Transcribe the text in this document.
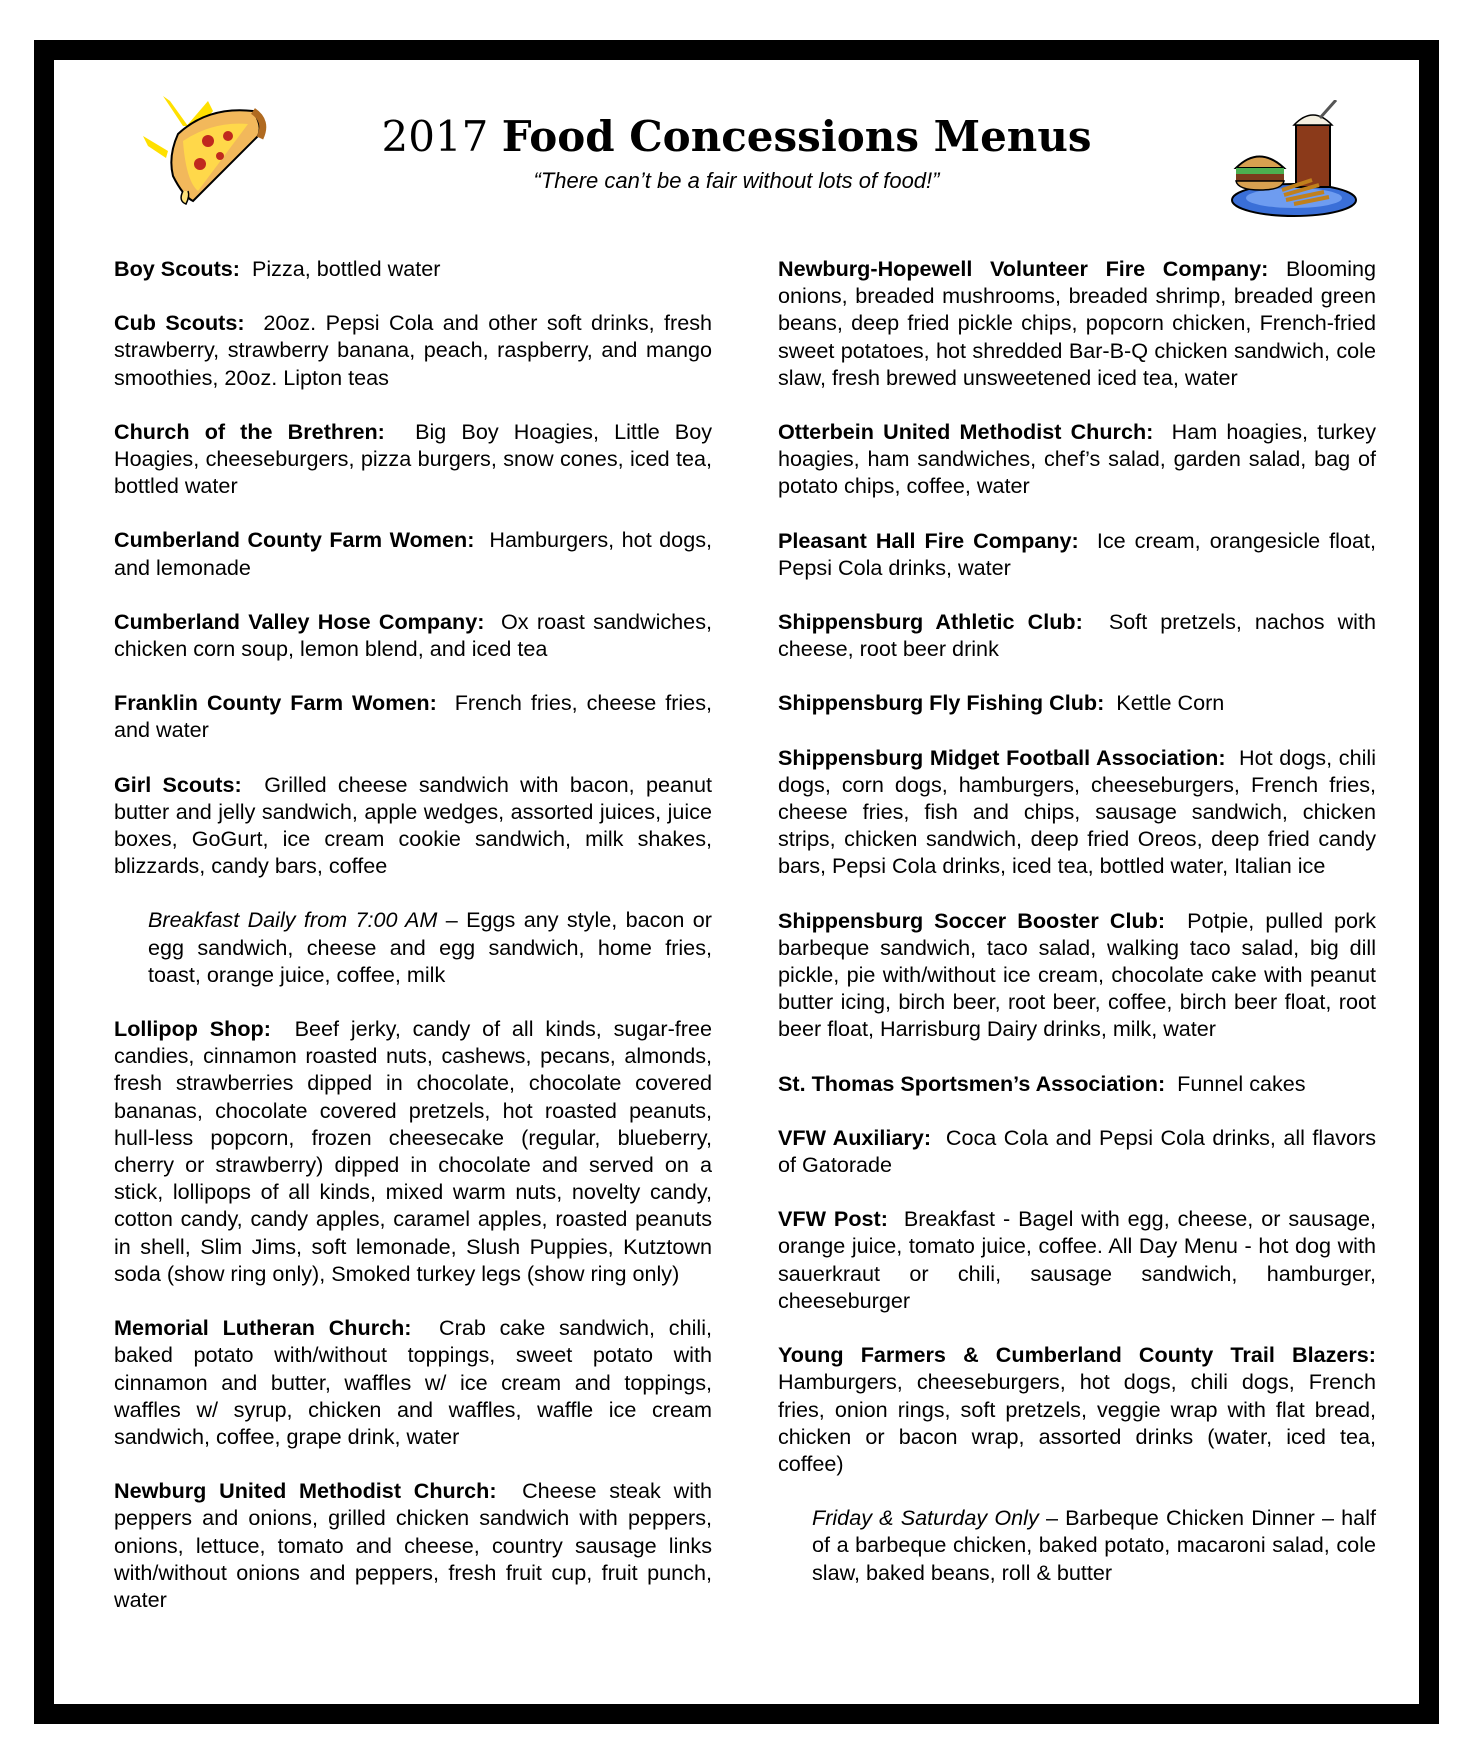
2017 Food Concessions Menus
“There can’t be a fair without lots of food!”

Boy Scouts: Pizza, bottled water

Cub Scouts: 20oz. Pepsi Cola and other soft drinks, fresh strawberry, strawberry banana, peach, raspberry, and mango smoothies, 20oz. Lipton teas

Church of the Brethren: Big Boy Hoagies, Little Boy Hoagies, cheeseburgers, pizza burgers, snow cones, iced tea, bottled water

Cumberland County Farm Women: Hamburgers, hot dogs, and lemonade

Cumberland Valley Hose Company: Ox roast sandwiches, chicken corn soup, lemon blend, and iced tea

Franklin County Farm Women: French fries, cheese fries, and water

Girl Scouts: Grilled cheese sandwich with bacon, peanut butter and jelly sandwich, apple wedges, assorted juices, juice boxes, GoGurt, ice cream cookie sandwich, milk shakes, blizzards, candy bars, coffee

Breakfast Daily from 7:00 AM – Eggs any style, bacon or egg sandwich, cheese and egg sandwich, home fries, toast, orange juice, coffee, milk

Lollipop Shop: Beef jerky, candy of all kinds, sugar-free candies, cinnamon roasted nuts, cashews, pecans, almonds, fresh strawberries dipped in chocolate, chocolate covered bananas, chocolate covered pretzels, hot roasted peanuts, hull-less popcorn, frozen cheesecake (regular, blueberry, cherry or strawberry) dipped in chocolate and served on a stick, lollipops of all kinds, mixed warm nuts, novelty candy, cotton candy, candy apples, caramel apples, roasted peanuts in shell, Slim Jims, soft lemonade, Slush Puppies, Kutztown soda (show ring only), Smoked turkey legs (show ring only)

Memorial Lutheran Church: Crab cake sandwich, chili, baked potato with/without toppings, sweet potato with cinnamon and butter, waffles w/ ice cream and toppings, waffles w/ syrup, chicken and waffles, waffle ice cream sandwich, coffee, grape drink, water

Newburg United Methodist Church: Cheese steak with peppers and onions, grilled chicken sandwich with peppers, onions, lettuce, tomato and cheese, country sausage links with/without onions and peppers, fresh fruit cup, fruit punch, water

Newburg-Hopewell Volunteer Fire Company: Blooming onions, breaded mushrooms, breaded shrimp, breaded green beans, deep fried pickle chips, popcorn chicken, French-fried sweet potatoes, hot shredded Bar-B-Q chicken sandwich, cole slaw, fresh brewed unsweetened iced tea, water

Otterbein United Methodist Church: Ham hoagies, turkey hoagies, ham sandwiches, chef’s salad, garden salad, bag of potato chips, coffee, water

Pleasant Hall Fire Company: Ice cream, orangesicle float, Pepsi Cola drinks, water

Shippensburg Athletic Club: Soft pretzels, nachos with cheese, root beer drink

Shippensburg Fly Fishing Club: Kettle Corn

Shippensburg Midget Football Association: Hot dogs, chili dogs, corn dogs, hamburgers, cheeseburgers, French fries, cheese fries, fish and chips, sausage sandwich, chicken strips, chicken sandwich, deep fried Oreos, deep fried candy bars, Pepsi Cola drinks, iced tea, bottled water, Italian ice

Shippensburg Soccer Booster Club: Potpie, pulled pork barbeque sandwich, taco salad, walking taco salad, big dill pickle, pie with/without ice cream, chocolate cake with peanut butter icing, birch beer, root beer, coffee, birch beer float, root beer float, Harrisburg Dairy drinks, milk, water

St. Thomas Sportsmen’s Association: Funnel cakes

VFW Auxiliary: Coca Cola and Pepsi Cola drinks, all flavors of Gatorade

VFW Post: Breakfast - Bagel with egg, cheese, or sausage, orange juice, tomato juice, coffee. All Day Menu - hot dog with sauerkraut or chili, sausage sandwich, hamburger, cheeseburger

Young Farmers & Cumberland County Trail Blazers: Hamburgers, cheeseburgers, hot dogs, chili dogs, French fries, onion rings, soft pretzels, veggie wrap with flat bread, chicken or bacon wrap, assorted drinks (water, iced tea, coffee)

Friday & Saturday Only – Barbeque Chicken Dinner – half of a barbeque chicken, baked potato, macaroni salad, cole slaw, baked beans, roll & butter
